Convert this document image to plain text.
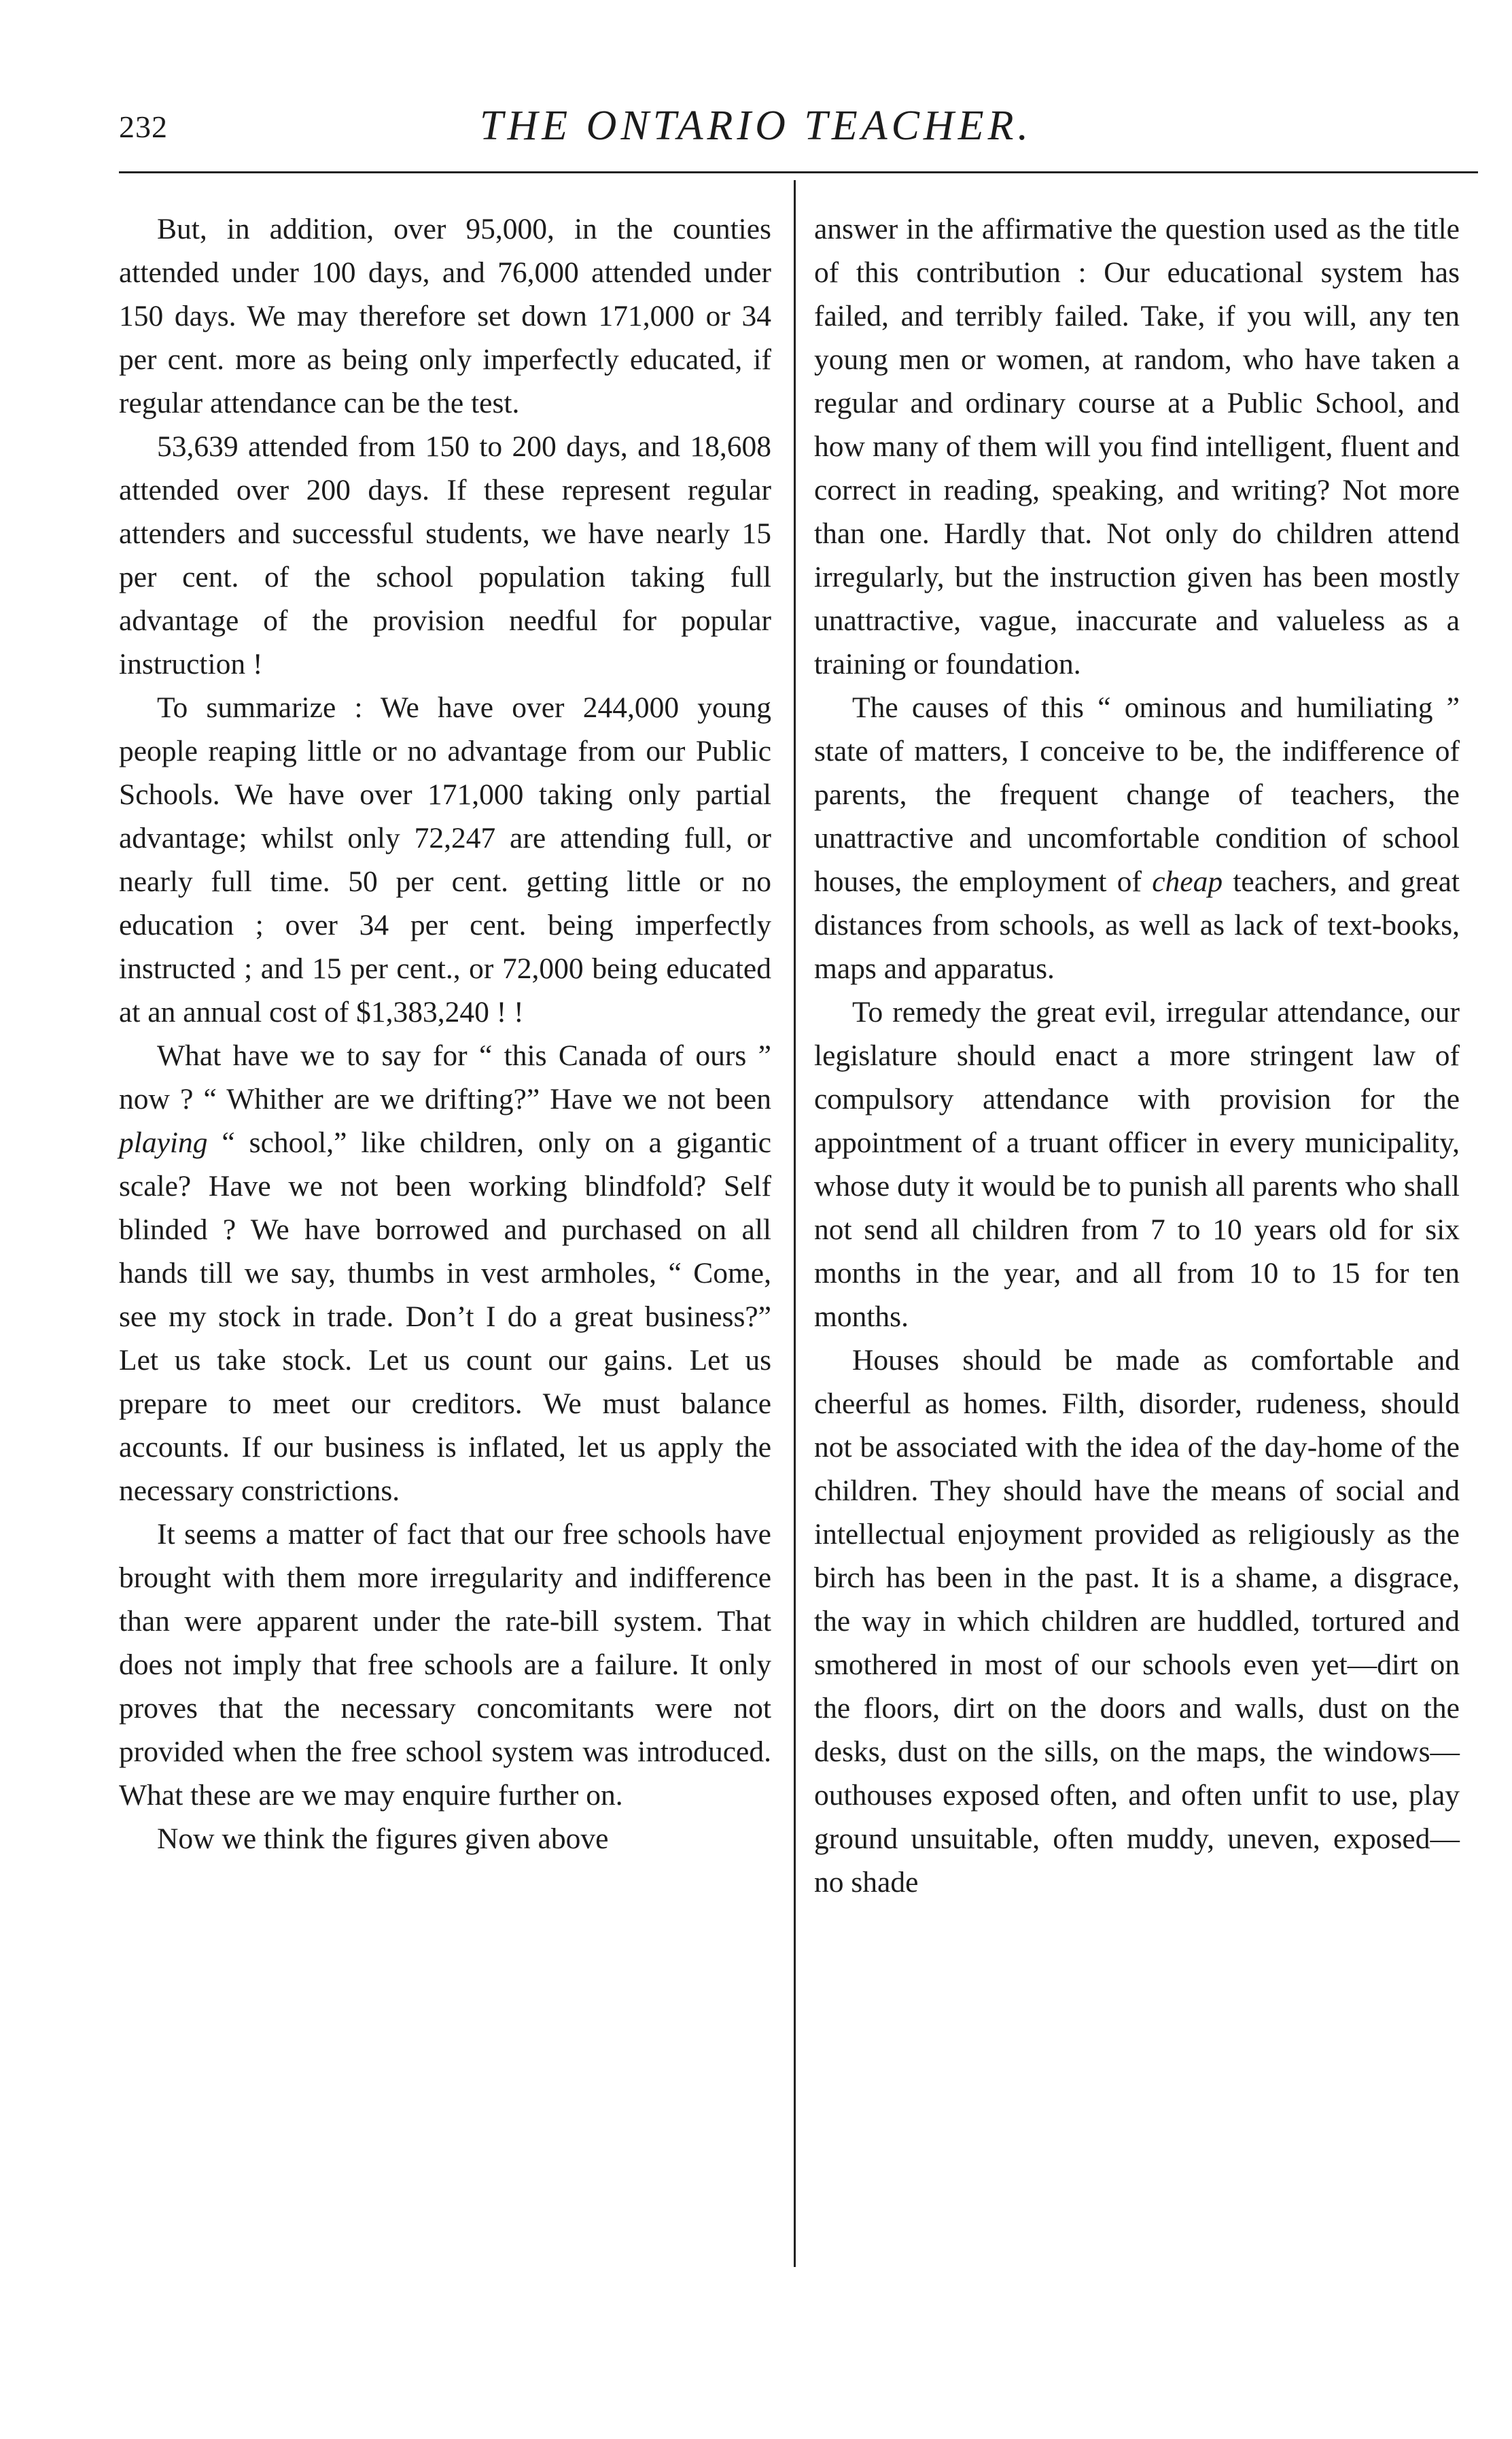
232	THE ONTARIO TEACHER.

But, in addition, over 95,000, in the counties attended under 100 days, and 76,000 attended under 150 days. We may therefore set down 171,000 or 34 per cent. more as being only imperfectly educated, if regular attendance can be the test.

53,639 attended from 150 to 200 days, and 18,608 attended over 200 days. If these represent regular attenders and successful students, we have nearly 15 per cent. of the school population taking full advantage of the provision needful for popular instruction !

To summarize : We have over 244,000 young people reaping little or no advantage from our Public Schools. We have over 171,000 taking only partial advantage; whilst only 72,247 are attending full, or nearly full time. 50 per cent. getting little or no education ; over 34 per cent. being imperfectly instructed ; and 15 per cent., or 72,000 being educated at an annual cost of $1,383,240 ! !

What have we to say for “ this Canada of ours ” now ? “ Whither are we drifting?” Have we not been playing “ school,” like children, only on a gigantic scale? Have we not been working blindfold? Self blinded ? We have borrowed and purchased on all hands till we say, thumbs in vest armholes, “ Come, see my stock in trade. Don’t I do a great business?” Let us take stock. Let us count our gains. Let us prepare to meet our creditors. We must balance accounts. If our business is inflated, let us apply the necessary constrictions.

It seems a matter of fact that our free schools have brought with them more irregularity and indifference than were apparent under the rate-bill system. That does not imply that free schools are a failure. It only proves that the necessary concomitants were not provided when the free school system was introduced. What these are we may enquire further on.

Now we think the figures given above

answer in the affirmative the question used as the title of this contribution : Our educational system has failed, and terribly failed. Take, if you will, any ten young men or women, at random, who have taken a regular and ordinary course at a Public School, and how many of them will you find intelligent, fluent and correct in reading, speaking, and writing? Not more than one. Hardly that. Not only do children attend irregularly, but the instruction given has been mostly unattractive, vague, inaccurate and valueless as a training or foundation.

The causes of this “ ominous and humiliating ” state of matters, I conceive to be, the indifference of parents, the frequent change of teachers, the unattractive and uncomfortable condition of school houses, the employment of cheap teachers, and great distances from schools, as well as lack of text-books, maps and apparatus.

To remedy the great evil, irregular attendance, our legislature should enact a more stringent law of compulsory attendance with provision for the appointment of a truant officer in every municipality, whose duty it would be to punish all parents who shall not send all children from 7 to 10 years old for six months in the year, and all from 10 to 15 for ten months.

Houses should be made as comfortable and cheerful as homes. Filth, disorder, rudeness, should not be associated with the idea of the day-home of the children. They should have the means of social and intellectual enjoyment provided as religiously as the birch has been in the past. It is a shame, a disgrace, the way in which children are huddled, tortured and smothered in most of our schools even yet—dirt on the floors, dirt on the doors and walls, dust on the desks, dust on the sills, on the maps, the windows—outhouses exposed often, and often unfit to use, play ground unsuitable, often muddy, uneven, exposed—no shade
